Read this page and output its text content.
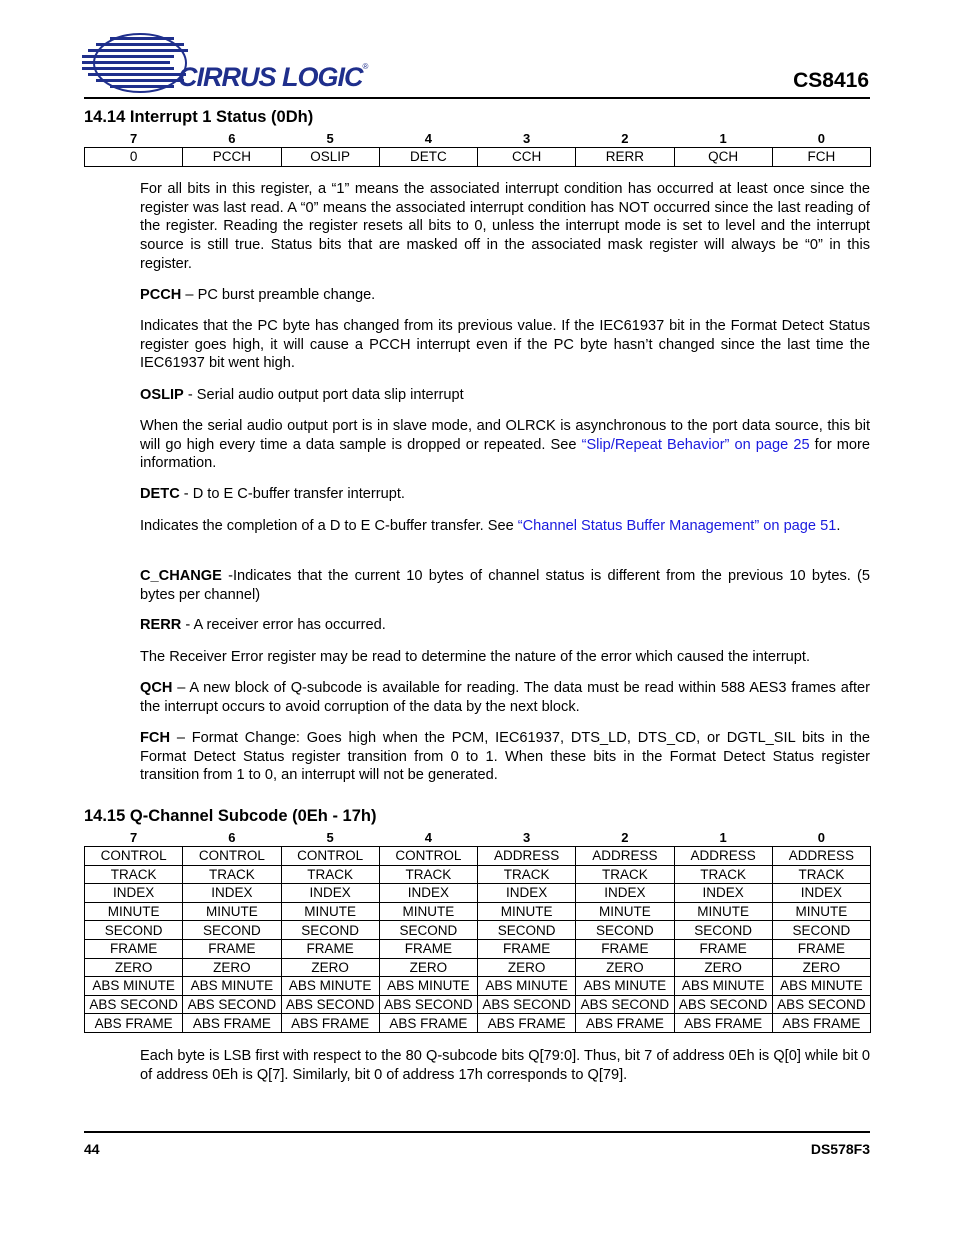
CIRRUS LOGIC®
CS8416
14.14 Interrupt 1 Status (0Dh)
7	6	5	4	3	2	1	0
0	PCCH	OSLIP	DETC	CCH	RERR	QCH	FCH

For all bits in this register, a “1” means the associated interrupt condition has occurred at least once since the register was last read. A “0” means the associated interrupt condition has NOT occurred since the last reading of the register. Reading the register resets all bits to 0, unless the interrupt mode is set to level and the interrupt source is still true. Status bits that are masked off in the associated mask register will always be “0” in this register.

PCCH – PC burst preamble change.

Indicates that the PC byte has changed from its previous value. If the IEC61937 bit in the Format Detect Status register goes high, it will cause a PCCH interrupt even if the PC byte hasn’t changed since the last time the IEC61937 bit went high.

OSLIP - Serial audio output port data slip interrupt

When the serial audio output port is in slave mode, and OLRCK is asynchronous to the port data source, this bit will go high every time a data sample is dropped or repeated. See “Slip/Repeat Behavior” on page 25 for more information.

DETC - D to E C-buffer transfer interrupt.

Indicates the completion of a D to E C-buffer transfer. See “Channel Status Buffer Management” on page 51.

C_CHANGE -Indicates that the current 10 bytes of channel status is different from the previous 10 bytes. (5 bytes per channel)

RERR - A receiver error has occurred.

The Receiver Error register may be read to determine the nature of the error which caused the interrupt.

QCH – A new block of Q-subcode is available for reading. The data must be read within 588 AES3 frames after the interrupt occurs to avoid corruption of the data by the next block.

FCH – Format Change: Goes high when the PCM, IEC61937, DTS_LD, DTS_CD, or DGTL_SIL bits in the Format Detect Status register transition from 0 to 1. When these bits in the Format Detect Status register transition from 1 to 0, an interrupt will not be generated.

14.15 Q-Channel Subcode (0Eh - 17h)
7	6	5	4	3	2	1	0
CONTROL	CONTROL	CONTROL	CONTROL	ADDRESS	ADDRESS	ADDRESS	ADDRESS
TRACK	TRACK	TRACK	TRACK	TRACK	TRACK	TRACK	TRACK
INDEX	INDEX	INDEX	INDEX	INDEX	INDEX	INDEX	INDEX
MINUTE	MINUTE	MINUTE	MINUTE	MINUTE	MINUTE	MINUTE	MINUTE
SECOND	SECOND	SECOND	SECOND	SECOND	SECOND	SECOND	SECOND
FRAME	FRAME	FRAME	FRAME	FRAME	FRAME	FRAME	FRAME
ZERO	ZERO	ZERO	ZERO	ZERO	ZERO	ZERO	ZERO
ABS MINUTE	ABS MINUTE	ABS MINUTE	ABS MINUTE	ABS MINUTE	ABS MINUTE	ABS MINUTE	ABS MINUTE
ABS SECOND	ABS SECOND	ABS SECOND	ABS SECOND	ABS SECOND	ABS SECOND	ABS SECOND	ABS SECOND
ABS FRAME	ABS FRAME	ABS FRAME	ABS FRAME	ABS FRAME	ABS FRAME	ABS FRAME	ABS FRAME

Each byte is LSB first with respect to the 80 Q-subcode bits Q[79:0]. Thus, bit 7 of address 0Eh is Q[0] while bit 0 of address 0Eh is Q[7]. Similarly, bit 0 of address 17h corresponds to Q[79].

44	DS578F3
